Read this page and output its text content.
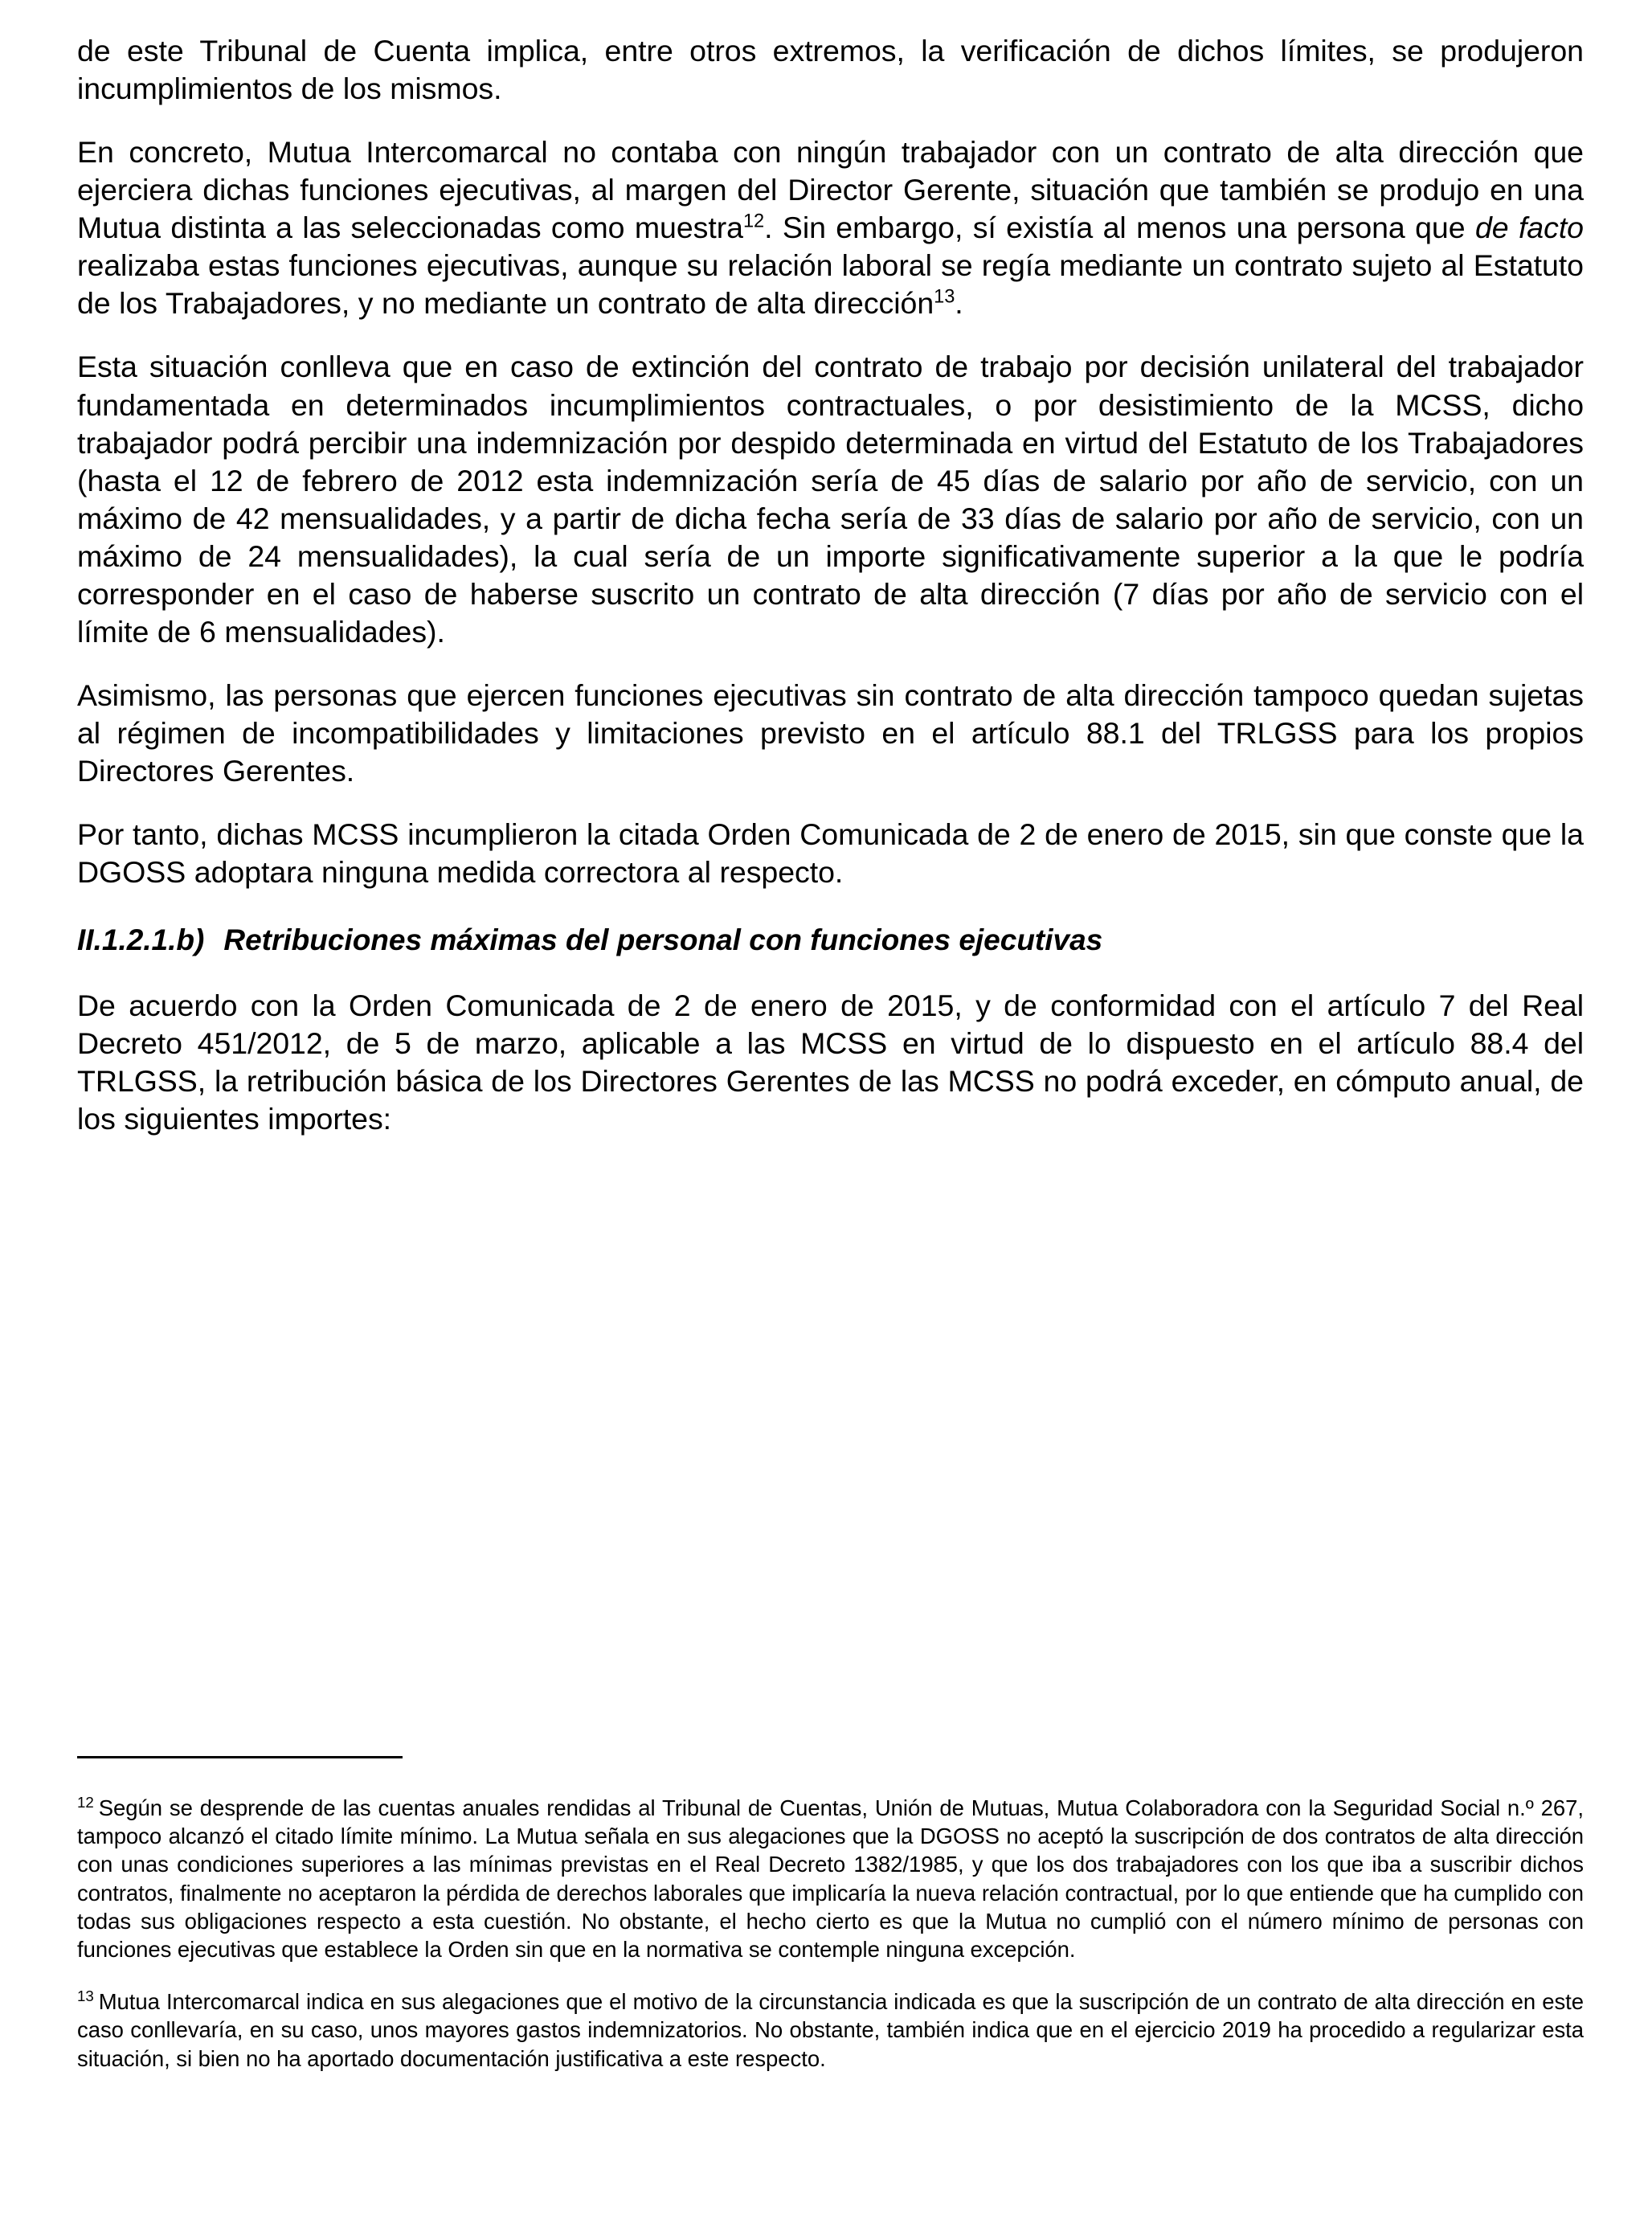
de este Tribunal de Cuenta implica, entre otros extremos, la verificación de dichos límites, se produjeron incumplimientos de los mismos.

En concreto, Mutua Intercomarcal no contaba con ningún trabajador con un contrato de alta dirección que ejerciera dichas funciones ejecutivas, al margen del Director Gerente, situación que también se produjo en una Mutua distinta a las seleccionadas como muestra$^{12}$. Sin embargo, sí existía al menos una persona que de facto realizaba estas funciones ejecutivas, aunque su relación laboral se regía mediante un contrato sujeto al Estatuto de los Trabajadores, y no mediante un contrato de alta dirección$^{13}$.

Esta situación conlleva que en caso de extinción del contrato de trabajo por decisión unilateral del trabajador fundamentada en determinados incumplimientos contractuales, o por desistimiento de la MCSS, dicho trabajador podrá percibir una indemnización por despido determinada en virtud del Estatuto de los Trabajadores (hasta el 12 de febrero de 2012 esta indemnización sería de 45 días de salario por año de servicio, con un máximo de 42 mensualidades, y a partir de dicha fecha sería de 33 días de salario por año de servicio, con un máximo de 24 mensualidades), la cual sería de un importe significativamente superior a la que le podría corresponder en el caso de haberse suscrito un contrato de alta dirección (7 días por año de servicio con el límite de 6 mensualidades).

Asimismo, las personas que ejercen funciones ejecutivas sin contrato de alta dirección tampoco quedan sujetas al régimen de incompatibilidades y limitaciones previsto en el artículo 88.1 del TRLGSS para los propios Directores Gerentes.

Por tanto, dichas MCSS incumplieron la citada Orden Comunicada de 2 de enero de 2015, sin que conste que la DGOSS adoptara ninguna medida correctora al respecto.

II.1.2.1.b) Retribuciones máximas del personal con funciones ejecutivas

De acuerdo con la Orden Comunicada de 2 de enero de 2015, y de conformidad con el artículo 7 del Real Decreto 451/2012, de 5 de marzo, aplicable a las MCSS en virtud de lo dispuesto en el artículo 88.4 del TRLGSS, la retribución básica de los Directores Gerentes de las MCSS no podrá exceder, en cómputo anual, de los siguientes importes:

$^{12}$ Según se desprende de las cuentas anuales rendidas al Tribunal de Cuentas, Unión de Mutuas, Mutua Colaboradora con la Seguridad Social n.º 267, tampoco alcanzó el citado límite mínimo. La Mutua señala en sus alegaciones que la DGOSS no aceptó la suscripción de dos contratos de alta dirección con unas condiciones superiores a las mínimas previstas en el Real Decreto 1382/1985, y que los dos trabajadores con los que iba a suscribir dichos contratos, finalmente no aceptaron la pérdida de derechos laborales que implicaría la nueva relación contractual, por lo que entiende que ha cumplido con todas sus obligaciones respecto a esta cuestión. No obstante, el hecho cierto es que la Mutua no cumplió con el número mínimo de personas con funciones ejecutivas que establece la Orden sin que en la normativa se contemple ninguna excepción.

$^{13}$ Mutua Intercomarcal indica en sus alegaciones que el motivo de la circunstancia indicada es que la suscripción de un contrato de alta dirección en este caso conllevaría, en su caso, unos mayores gastos indemnizatorios. No obstante, también indica que en el ejercicio 2019 ha procedido a regularizar esta situación, si bien no ha aportado documentación justificativa a este respecto.
